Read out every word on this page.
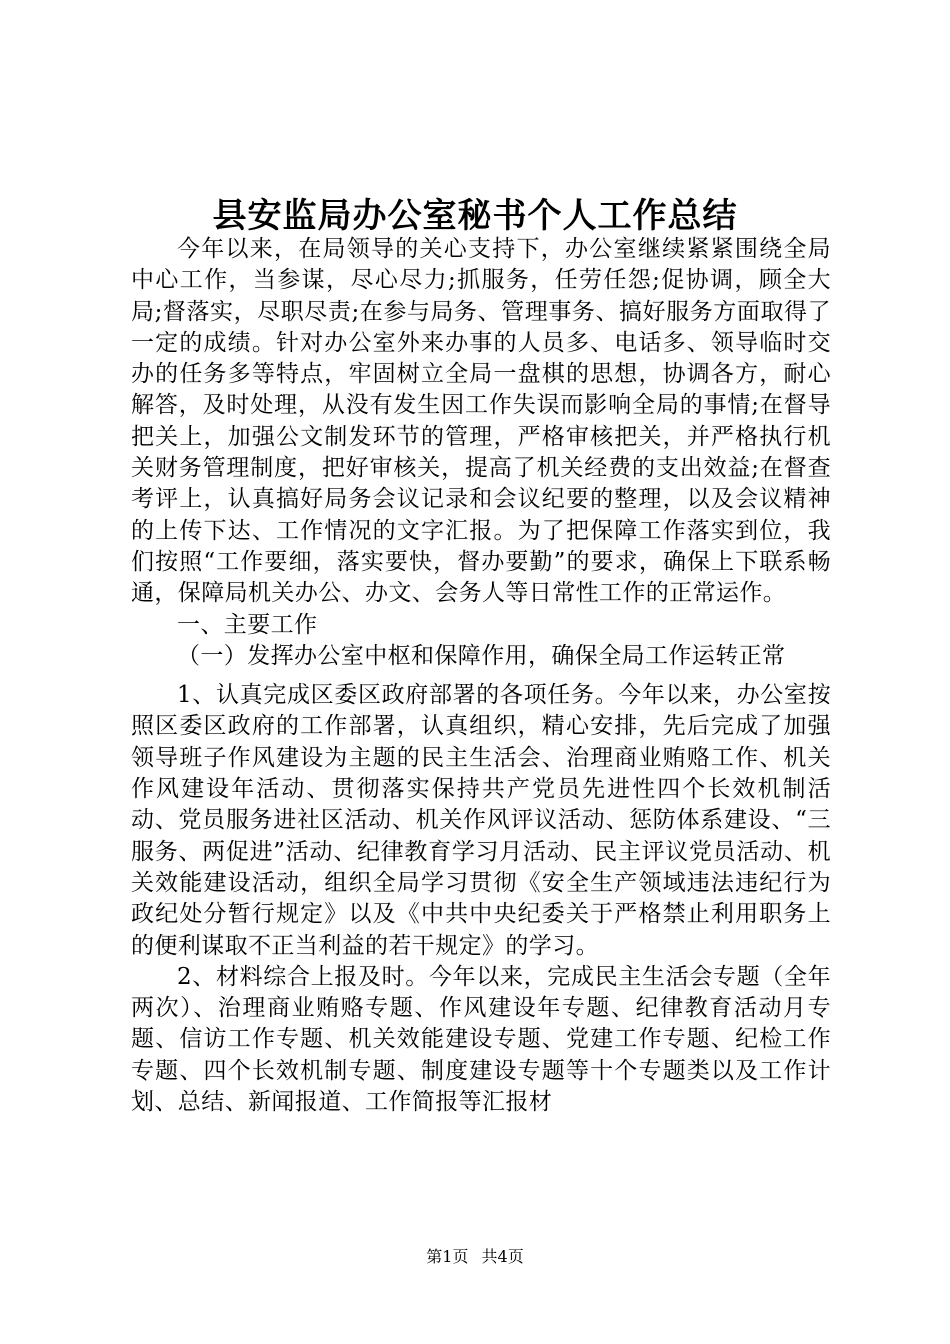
县安监局办公室秘书个人工作总结

今年以来，在局领导的关心支持下，办公室继续紧紧围绕全局中心工作，当参谋，尽心尽力;抓服务，任劳任怨;促协调，顾全大局;督落实，尽职尽责;在参与局务、管理事务、搞好服务方面取得了一定的成绩。针对办公室外来办事的人员多、电话多、领导临时交办的任务多等特点，牢固树立全局一盘棋的思想，协调各方，耐心解答，及时处理，从没有发生因工作失误而影响全局的事情;在督导把关上，加强公文制发环节的管理，严格审核把关，并严格执行机关财务管理制度，把好审核关，提高了机关经费的支出效益;在督查考评上，认真搞好局务会议记录和会议纪要的整理，以及会议精神的上传下达、工作情况的文字汇报。为了把保障工作落实到位，我们按照“工作要细，落实要快，督办要勤”的要求，确保上下联系畅通，保障局机关办公、办文、会务人等日常性工作的正常运作。

一、主要工作

（一）发挥办公室中枢和保障作用，确保全局工作运转正常

1、认真完成区委区政府部署的各项任务。今年以来，办公室按照区委区政府的工作部署，认真组织，精心安排，先后完成了加强领导班子作风建设为主题的民主生活会、治理商业贿赂工作、机关作风建设年活动、贯彻落实保持共产党员先进性四个长效机制活动、党员服务进社区活动、机关作风评议活动、惩防体系建设、“三服务、两促进”活动、纪律教育学习月活动、民主评议党员活动、机关效能建设活动，组织全局学习贯彻《安全生产领域违法违纪行为政纪处分暂行规定》以及《中共中央纪委关于严格禁止利用职务上的便利谋取不正当利益的若干规定》的学习。

2、材料综合上报及时。今年以来，完成民主生活会专题（全年两次）、治理商业贿赂专题、作风建设年专题、纪律教育活动月专题、信访工作专题、机关效能建设专题、党建工作专题、纪检工作专题、四个长效机制专题、制度建设专题等十个专题类以及工作计划、总结、新闻报道、工作简报等汇报材

第1页 共4页
